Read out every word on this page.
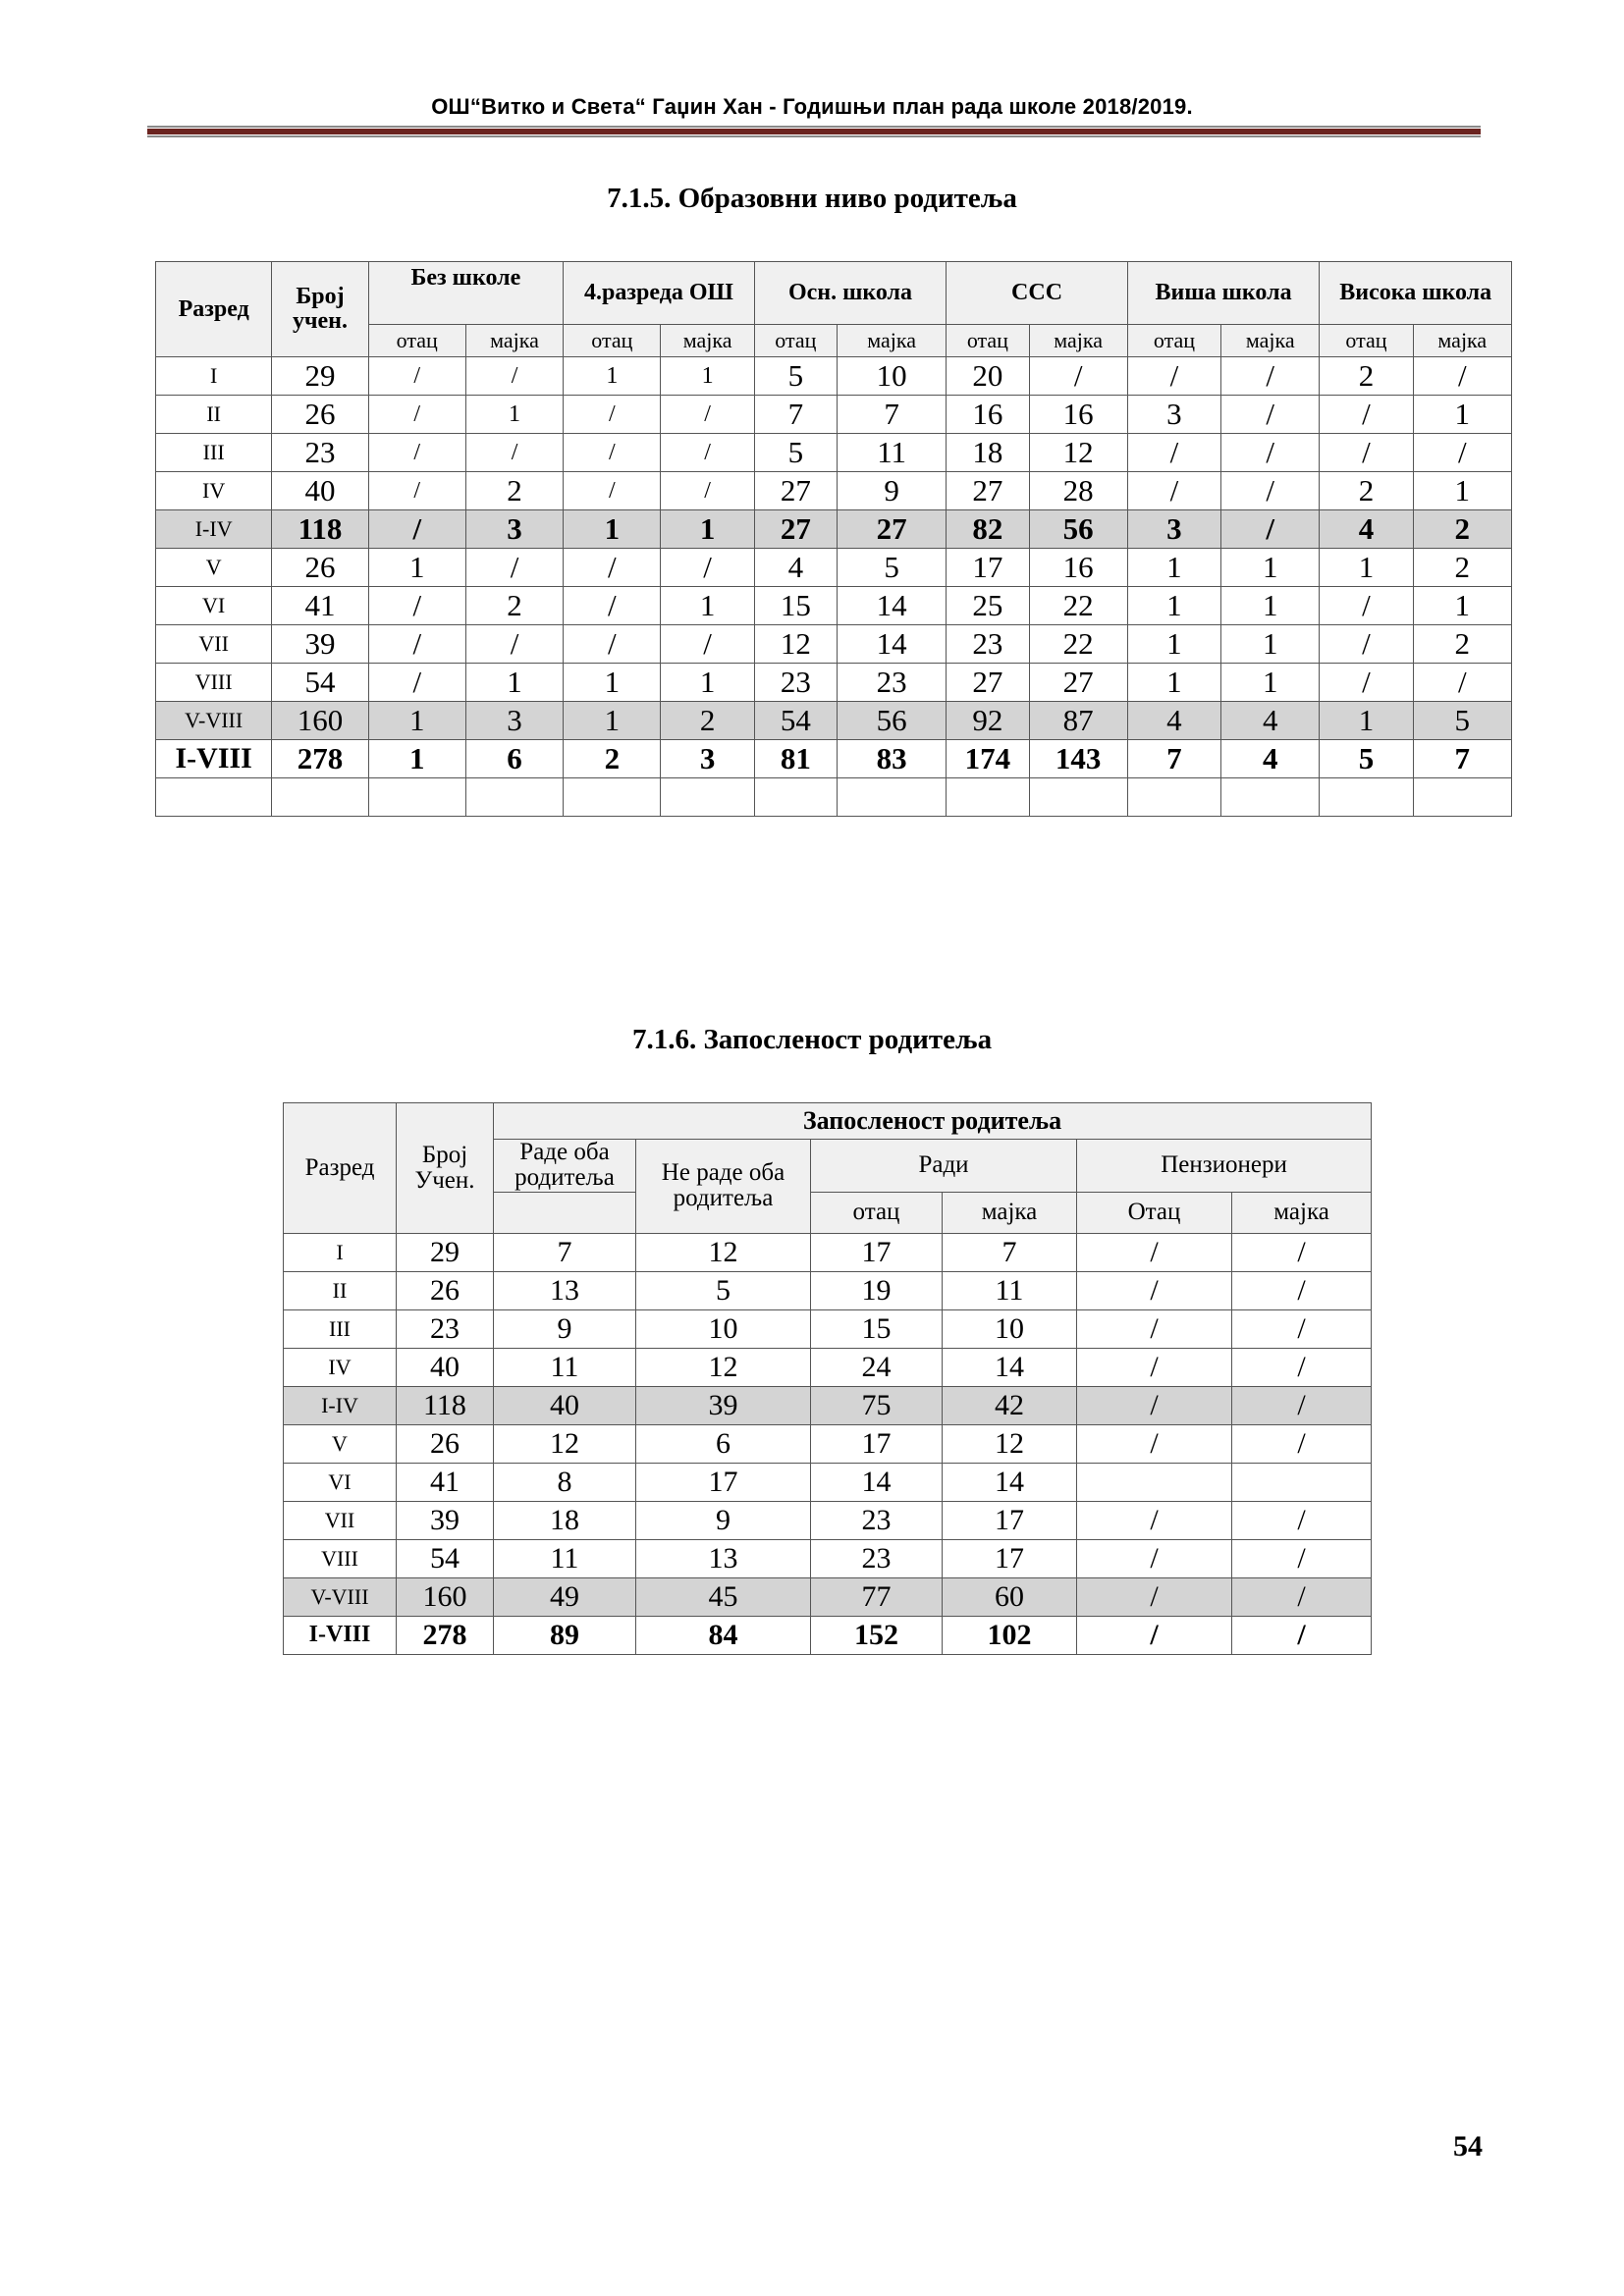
ОШ“Витко и Света“ Гаџин Хан - Годишњи план рада школе 2018/2019.
7.1.5. Образовни ниво родитеља
Разред	Број учен.	Без школе		4.разреда ОШ		Осн. школа		ССС		Виша школа		Висока школа	
		отац	мајка	отац	мајка	отац	мајка	отац	мајка	отац	мајка	отац	мајка
I	29	/	/	1	1	5	10	20	/	/	/	2	/
II	26	/	1	/	/	7	7	16	16	3	/	/	1
III	23	/	/	/	/	5	11	18	12	/	/	/	/
IV	40	/	2	/	/	27	9	27	28	/	/	2	1
I-IV	118	/	3	1	1	27	27	82	56	3	/	4	2
V	26	1	/	/	/	4	5	17	16	1	1	1	2
VI	41	/	2	/	1	15	14	25	22	1	1	/	1
VII	39	/	/	/	/	12	14	23	22	1	1	/	2
VIII	54	/	1	1	1	23	23	27	27	1	1	/	/
V-VIII	160	1	3	1	2	54	56	92	87	4	4	1	5
I-VIII	278	1	6	2	3	81	83	174	143	7	4	5	7

7.1.6. Запосленост родитеља
Разред	Број Учен.	Запосленост родитеља					
		Раде оба родитеља	Не раде оба родитеља	Ради		Пензионери	
				отац	мајка	Отац	мајка
I	29	7	12	17	7	/	/
II	26	13	5	19	11	/	/
III	23	9	10	15	10	/	/
IV	40	11	12	24	14	/	/
I-IV	118	40	39	75	42	/	/
V	26	12	6	17	12	/	/
VI	41	8	17	14	14		
VII	39	18	9	23	17	/	/
VIII	54	11	13	23	17	/	/
V-VIII	160	49	45	77	60	/	/
I-VIII	278	89	84	152	102	/	/
54
